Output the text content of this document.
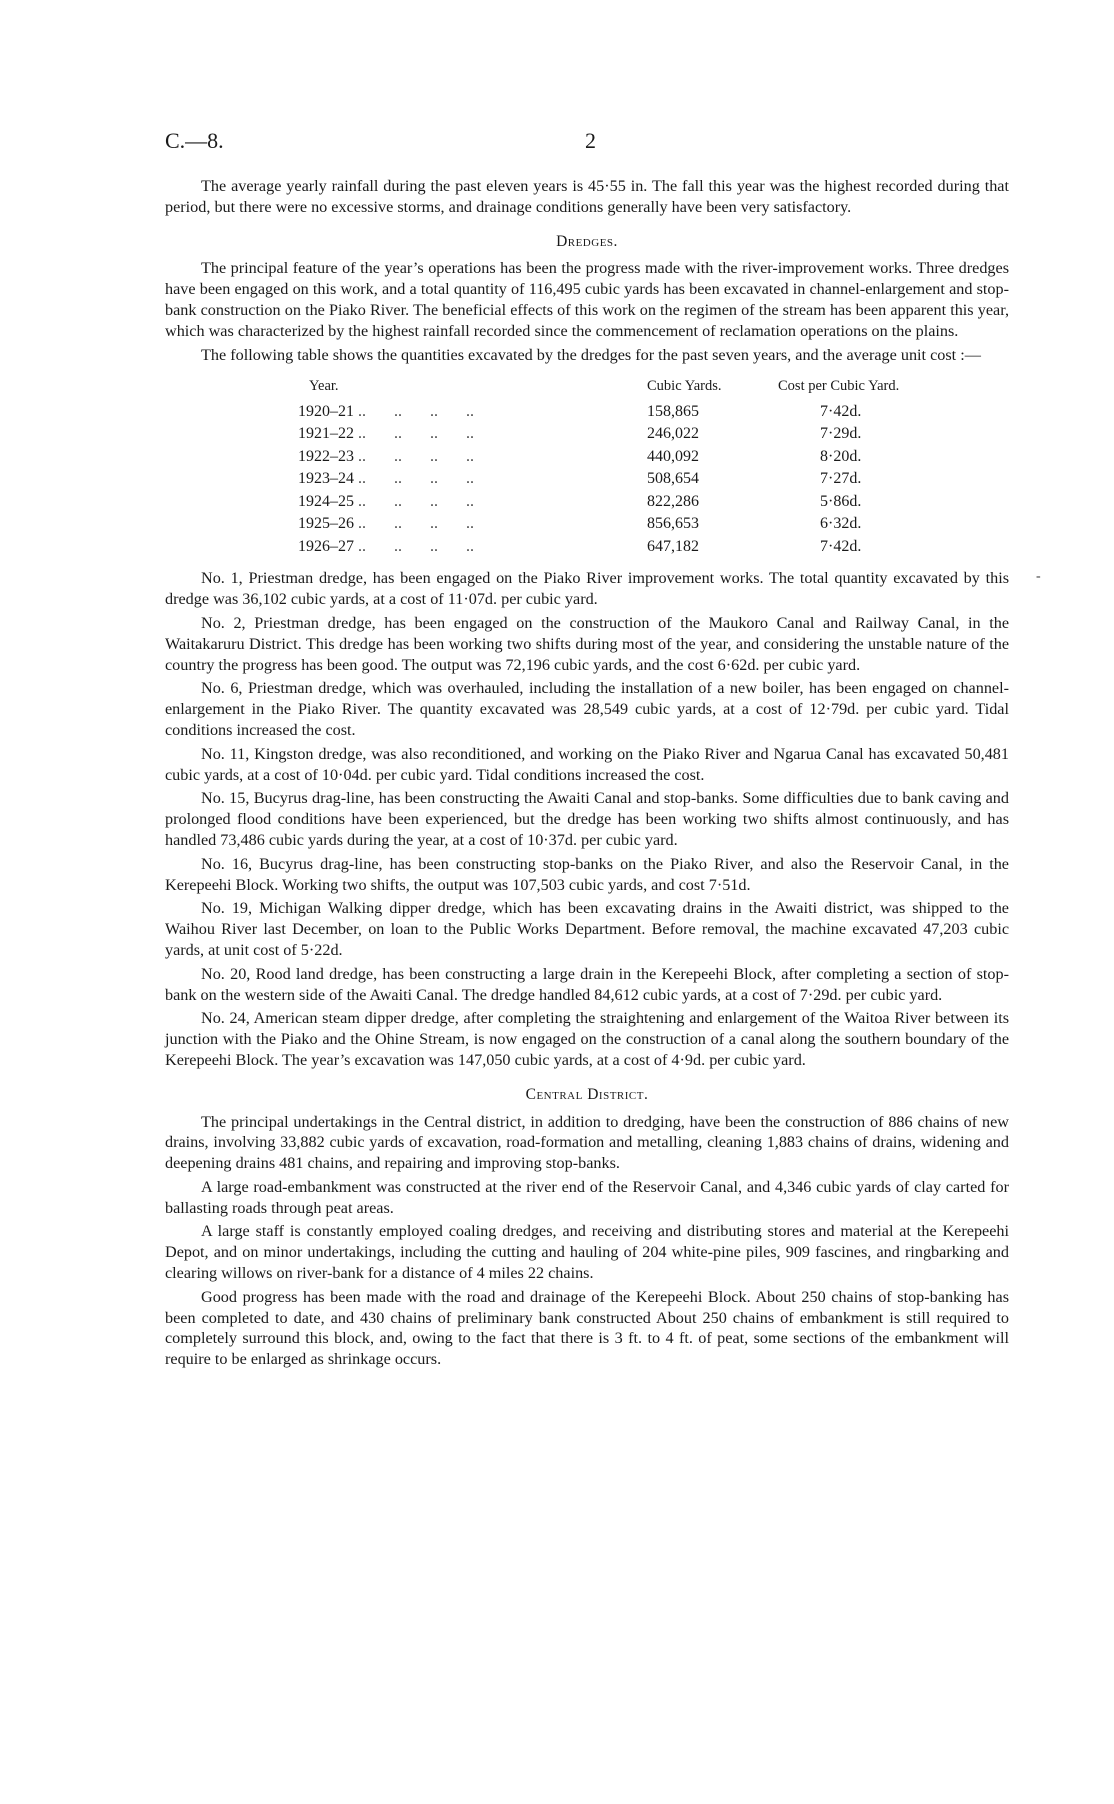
C.—8.	2

The average yearly rainfall during the past eleven years is 45·55 in. The fall this year was the highest recorded during that period, but there were no excessive storms, and drainage conditions generally have been very satisfactory.

Dredges.

The principal feature of the year’s operations has been the progress made with the river-improvement works. Three dredges have been engaged on this work, and a total quantity of 116,495 cubic yards has been excavated in channel-enlargement and stop-bank construction on the Piako River. The beneficial effects of this work on the regimen of the stream has been apparent this year, which was characterized by the highest rainfall recorded since the commencement of reclamation operations on the plains.

The following table shows the quantities excavated by the dredges for the past seven years, and the average unit cost :—

Year.	Cubic Yards.	Cost per Cubic Yard.
1920–21 ..       ..       ..       ..	158,865	7·42d.
1921–22 ..       ..       ..       ..	246,022	7·29d.
1922–23 ..       ..       ..       ..	440,092	8·20d.
1923–24 ..       ..       ..       ..	508,654	7·27d.
1924–25 ..       ..       ..       ..	822,286	5·86d.
1925–26 ..       ..       ..       ..	856,653	6·32d.
1926–27 ..       ..       ..       ..	647,182	7·42d.

No. 1, Priestman dredge, has been engaged on the Piako River improvement works. The total quantity excavated by this dredge was 36,102 cubic yards, at a cost of 11·07d. per cubic yard.

No. 2, Priestman dredge, has been engaged on the construction of the Maukoro Canal and Railway Canal, in the Waitakaruru District. This dredge has been working two shifts during most of the year, and considering the unstable nature of the country the progress has been good. The output was 72,196 cubic yards, and the cost 6·62d. per cubic yard.

No. 6, Priestman dredge, which was overhauled, including the installation of a new boiler, has been engaged on channel-enlargement in the Piako River. The quantity excavated was 28,549 cubic yards, at a cost of 12·79d. per cubic yard. Tidal conditions increased the cost.

No. 11, Kingston dredge, was also reconditioned, and working on the Piako River and Ngarua Canal has excavated 50,481 cubic yards, at a cost of 10·04d. per cubic yard. Tidal conditions increased the cost.

No. 15, Bucyrus drag-line, has been constructing the Awaiti Canal and stop-banks. Some difficulties due to bank caving and prolonged flood conditions have been experienced, but the dredge has been working two shifts almost continuously, and has handled 73,486 cubic yards during the year, at a cost of 10·37d. per cubic yard.

No. 16, Bucyrus drag-line, has been constructing stop-banks on the Piako River, and also the Reservoir Canal, in the Kerepeehi Block. Working two shifts, the output was 107,503 cubic yards, and cost 7·51d.

No. 19, Michigan Walking dipper dredge, which has been excavating drains in the Awaiti district, was shipped to the Waihou River last December, on loan to the Public Works Department. Before removal, the machine excavated 47,203 cubic yards, at unit cost of 5·22d.

No. 20, Rood land dredge, has been constructing a large drain in the Kerepeehi Block, after completing a section of stop-bank on the western side of the Awaiti Canal. The dredge handled 84,612 cubic yards, at a cost of 7·29d. per cubic yard.

No. 24, American steam dipper dredge, after completing the straightening and enlargement of the Waitoa River between its junction with the Piako and the Ohine Stream, is now engaged on the construction of a canal along the southern boundary of the Kerepeehi Block. The year’s excavation was 147,050 cubic yards, at a cost of 4·9d. per cubic yard.

Central District.

The principal undertakings in the Central district, in addition to dredging, have been the construction of 886 chains of new drains, involving 33,882 cubic yards of excavation, road-formation and metalling, cleaning 1,883 chains of drains, widening and deepening drains 481 chains, and repairing and improving stop-banks.

A large road-embankment was constructed at the river end of the Reservoir Canal, and 4,346 cubic yards of clay carted for ballasting roads through peat areas.

A large staff is constantly employed coaling dredges, and receiving and distributing stores and material at the Kerepeehi Depot, and on minor undertakings, including the cutting and hauling of 204 white-pine piles, 909 fascines, and ringbarking and clearing willows on river-bank for a distance of 4 miles 22 chains.

Good progress has been made with the road and drainage of the Kerepeehi Block. About 250 chains of stop-banking has been completed to date, and 430 chains of preliminary bank constructed About 250 chains of embankment is still required to completely surround this block, and, owing to the fact that there is 3 ft. to 4 ft. of peat, some sections of the embankment will require to be enlarged as shrinkage occurs.

-
